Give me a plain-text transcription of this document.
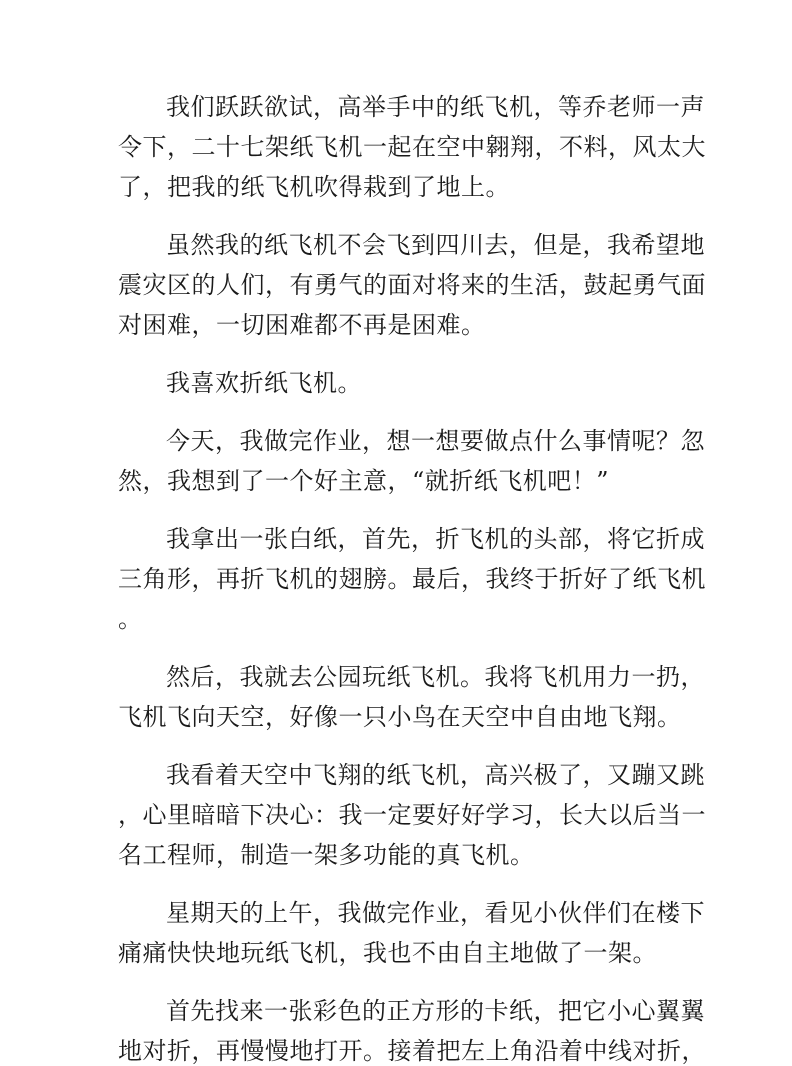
我们跃跃欲试，高举手中的纸飞机，等乔老师一声
令下，二十七架纸飞机一起在空中翱翔，不料，风太大
了，把我的纸飞机吹得栽到了地上。
虽然我的纸飞机不会飞到四川去，但是，我希望地
震灾区的人们，有勇气的面对将来的生活，鼓起勇气面
对困难，一切困难都不再是困难。
我喜欢折纸飞机。
今天，我做完作业，想一想要做点什么事情呢？忽
然，我想到了一个好主意，“就折纸飞机吧！”
我拿出一张白纸，首先，折飞机的头部，将它折成
三角形，再折飞机的翅膀。最后，我终于折好了纸飞机
。
然后，我就去公园玩纸飞机。我将飞机用力一扔，
飞机飞向天空，好像一只小鸟在天空中自由地飞翔。
我看着天空中飞翔的纸飞机，高兴极了，又蹦又跳
，心里暗暗下决心：我一定要好好学习，长大以后当一
名工程师，制造一架多功能的真飞机。
星期天的上午，我做完作业，看见小伙伴们在楼下
痛痛快快地玩纸飞机，我也不由自主地做了一架。
首先找来一张彩色的正方形的卡纸，把它小心翼翼
地对折，再慢慢地打开。接着把左上角沿着中线对折，
